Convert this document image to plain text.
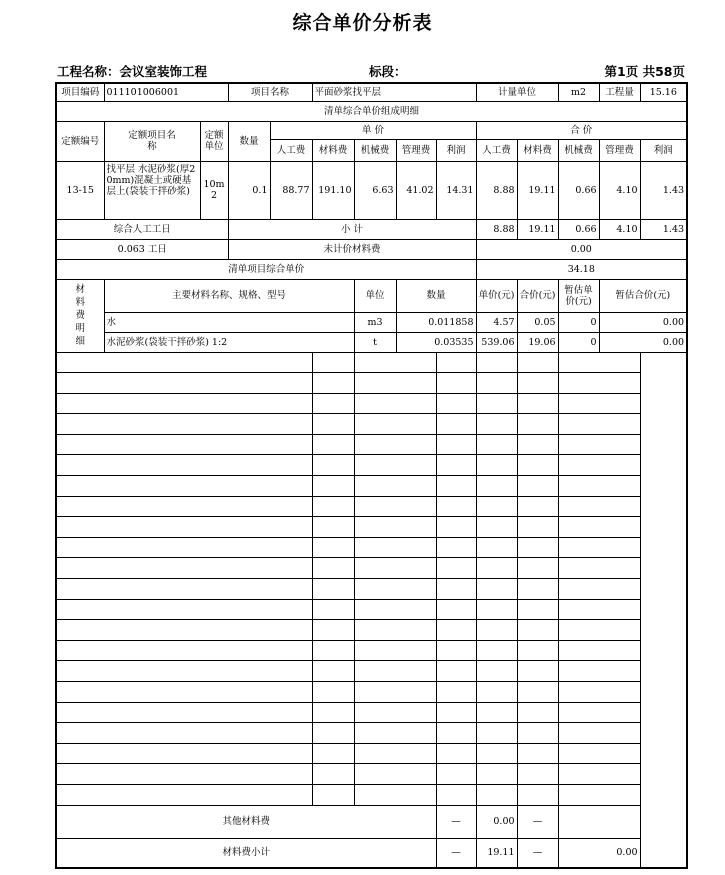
综合单价分析表
工程名称：会议室装饰工程	标段：	第1页 共58页
项目编码	011101006001		项目名称		平面砂浆找平层				计量单位		m2	工程量	15.16
清单综合单价组成明细													
定额编号	定额项目名称	定额单位	数量	单 价					合 价				
				人工费	材料费	机械费	管理费	利润	人工费	材料费	机械费	管理费	利润
13-15	找平层 水泥砂浆(厚20mm)混凝土或硬基层上(袋装干拌砂浆)	10m2	0.1	88.77	191.10	6.63	41.02	14.31	8.88	19.11	0.66	4.10	1.43
综合人工工日			小 计						8.88	19.11	0.66	4.10	1.43
0.063 工日			未计价材料费						0.00				
清单项目综合单价									34.18				
材料费明细	主要材料名称、规格、型号					单位	数量		单价(元)	合价(元)	暂估单价(元)	暂估合价(元)	
	水					m3	0.011858		4.57	0.05	0	0.00	
	水泥砂浆(袋装干拌砂浆) 1:2					t	0.03535		539.06	19.06	0	0.00	

其他材料费								—	0.00	—			
材料费小计								—	19.11	—	0.00		
